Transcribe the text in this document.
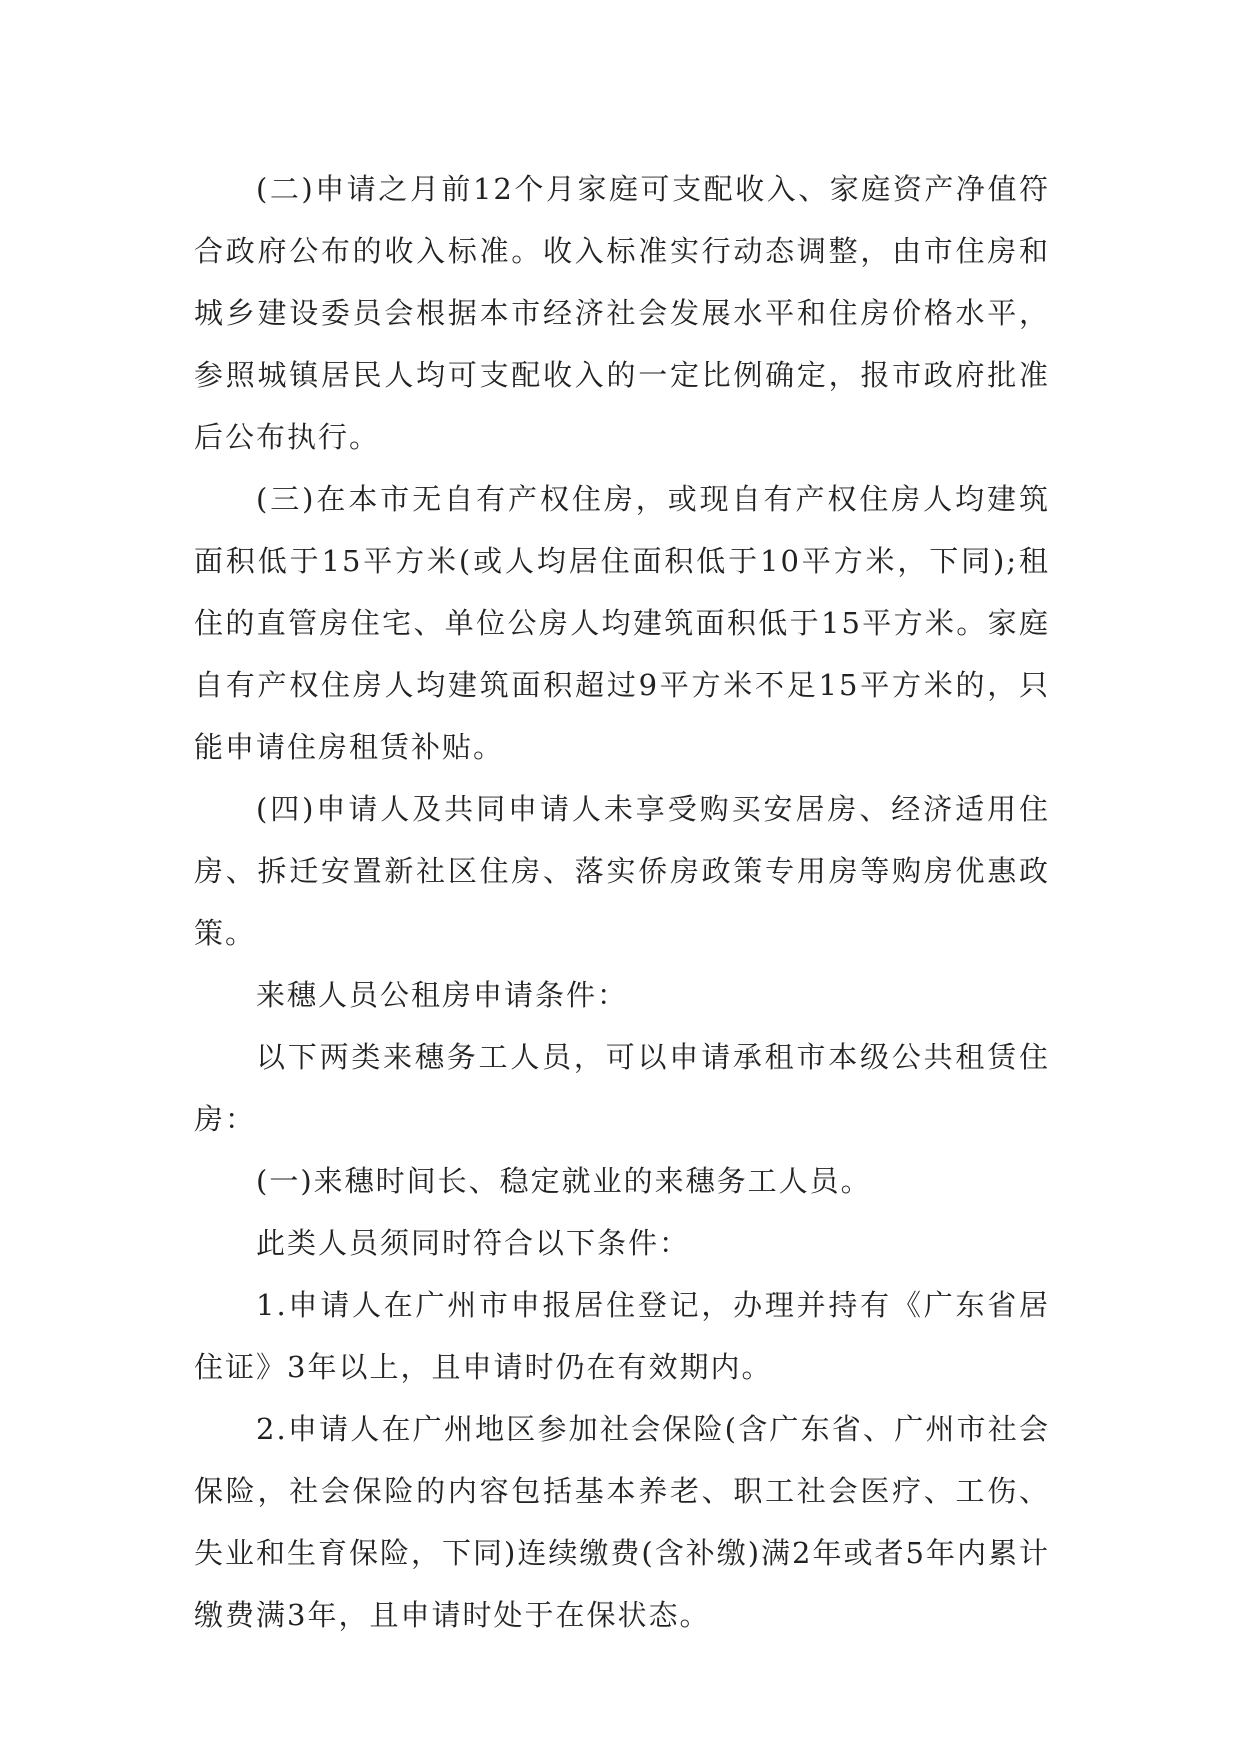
(二)申请之月前12个月家庭可支配收入、家庭资产净值符合政府公布的收入标准。收入标准实行动态调整，由市住房和城乡建设委员会根据本市经济社会发展水平和住房价格水平，参照城镇居民人均可支配收入的一定比例确定，报市政府批准后公布执行。

(三)在本市无自有产权住房，或现自有产权住房人均建筑面积低于15平方米(或人均居住面积低于10平方米，下同);租住的直管房住宅、单位公房人均建筑面积低于15平方米。家庭自有产权住房人均建筑面积超过9平方米不足15平方米的，只能申请住房租赁补贴。

(四)申请人及共同申请人未享受购买安居房、经济适用住房、拆迁安置新社区住房、落实侨房政策专用房等购房优惠政策。

来穗人员公租房申请条件：

以下两类来穗务工人员，可以申请承租市本级公共租赁住房：

(一)来穗时间长、稳定就业的来穗务工人员。

此类人员须同时符合以下条件：

1.申请人在广州市申报居住登记，办理并持有《广东省居住证》3年以上，且申请时仍在有效期内。

2.申请人在广州地区参加社会保险(含广东省、广州市社会保险，社会保险的内容包括基本养老、职工社会医疗、工伤、失业和生育保险，下同)连续缴费(含补缴)满2年或者5年内累计缴费满3年，且申请时处于在保状态。
